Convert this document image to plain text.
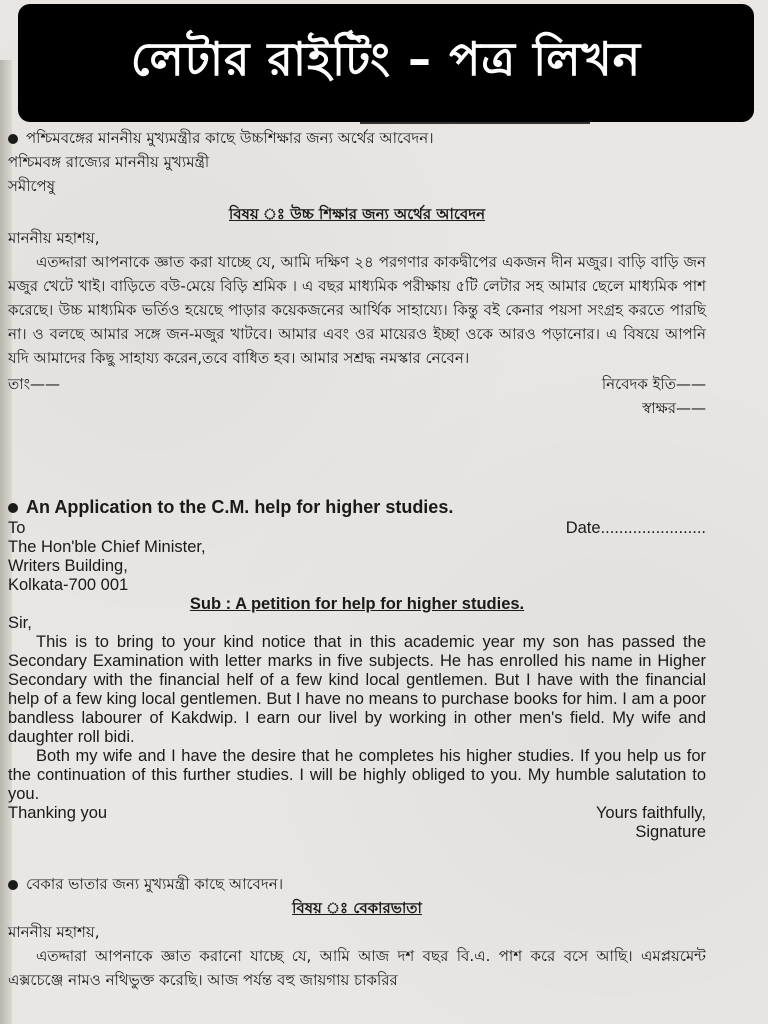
লেটার রাইটিং – পত্র লিখন

পশ্চিমবঙ্গের মাননীয় মুখ্যমন্ত্রীর কাছে উচ্চশিক্ষার জন্য অর্থের আবেদন।

পশ্চিমবঙ্গ রাজ্যের মাননীয় মুখ্যমন্ত্রী

সমীপেষু

বিষয় ঃ উচ্চ শিক্ষার জন্য অর্থের আবেদন

মাননীয় মহাশয়,

এতদ্দারা আপনাকে জ্ঞাত করা যাচ্ছে যে, আমি দক্ষিণ ২৪ পরগণার কাকদ্বীপের একজন দীন মজুর। বাড়ি বাড়ি জন মজুর খেটে খাই। বাড়িতে বউ-মেয়ে বিড়ি শ্রমিক । এ বছর মাধ্যমিক পরীক্ষায় ৫টি লেটার সহ আমার ছেলে মাধ্যমিক পাশ করেছে। উচ্চ মাধ্যমিক ভর্তিও হয়েছে পাড়ার কয়েকজনের আর্থিক সাহায্যে। কিন্তু বই কেনার পয়সা সংগ্রহ করতে পারছি না। ও বলছে আমার সঙ্গে জন-মজুর খাটবে। আমার এবং ওর মায়েরও ইচ্ছা ওকে আরও পড়ানোর। এ বিষয়ে আপনি যদি আমাদের কিছু সাহায্য করেন,তবে বাধিত হব। আমার সশ্রদ্ধ নমস্কার নেবেন।

তাং——	নিবেদক ইতি——

স্বাক্ষর——

An Application to the C.M. help for higher studies.

To	Date.......................

The Hon'ble Chief Minister,

Writers Building,

Kolkata-700 001

Sub : A petition for help for higher studies.

Sir,

This is to bring to your kind notice that in this academic year my son has passed the Secondary Examination with letter marks in five subjects. He has enrolled his name in Higher Secondary with the financial helf of a few kind local gentlemen. But I have with the financial help of a few king local gentlemen. But I have no means to purchase books for him. I am a poor bandless labourer of Kakdwip. I earn our livel by working in other men's field. My wife and daughter roll bidi.

Both my wife and I have the desire that he completes his higher studies. If you help us for the continuation of this further studies. I will be highly obliged to you. My humble salutation to you.

Thanking you	Yours faithfully,

Signature

বেকার ভাতার জন্য মুখ্যমন্ত্রী কাছে আবেদন।

বিষয় ঃ বেকারভাতা

মাননীয় মহাশয়,

এতদ্দারা আপনাকে জ্ঞাত করানো যাচ্ছে যে, আমি আজ দশ বছর বি.এ. পাশ করে বসে আছি। এমপ্লয়মেন্ট এক্সচেঞ্জে নামও নথিভুক্ত করেছি। আজ পর্যন্ত বহু জায়গায় চাকরির
